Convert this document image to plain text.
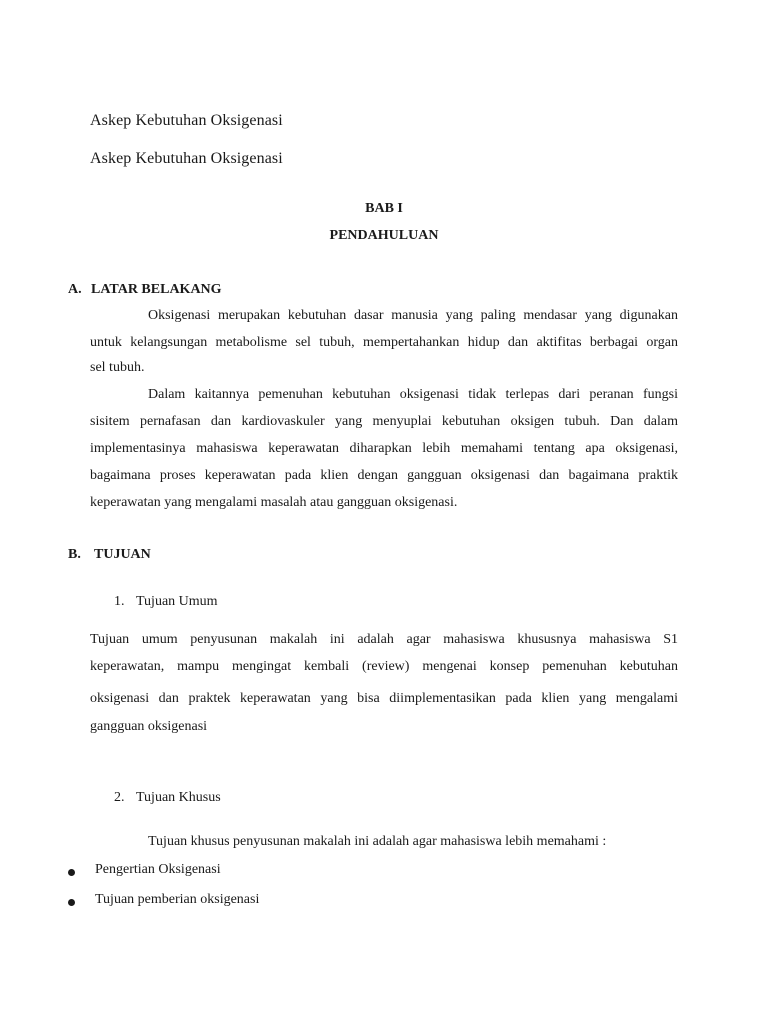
Askep Kebutuhan Oksigenasi
Askep Kebutuhan Oksigenasi
BAB I
PENDAHULUAN
A. LATAR BELAKANG
Oksigenasi merupakan kebutuhan dasar manusia yang paling mendasar yang digunakan
untuk kelangsungan metabolisme sel tubuh, mempertahankan hidup dan aktifitas berbagai organ
sel tubuh.
Dalam kaitannya pemenuhan kebutuhan oksigenasi tidak terlepas dari peranan fungsi
sisitem pernafasan dan kardiovaskuler yang menyuplai kebutuhan oksigen tubuh. Dan dalam
implementasinya mahasiswa keperawatan diharapkan lebih memahami tentang apa oksigenasi,
bagaimana proses keperawatan pada klien dengan gangguan oksigenasi dan bagaimana praktik
keperawatan yang mengalami masalah atau gangguan oksigenasi.
B. TUJUAN
1. Tujuan Umum
Tujuan umum penyusunan makalah ini adalah agar mahasiswa khususnya mahasiswa S1
keperawatan, mampu mengingat kembali (review) mengenai konsep pemenuhan kebutuhan
oksigenasi dan praktek keperawatan yang bisa diimplementasikan pada klien yang mengalami
gangguan oksigenasi
2. Tujuan Khusus
Tujuan khusus penyusunan makalah ini adalah agar mahasiswa lebih memahami :
Pengertian Oksigenasi
Tujuan pemberian oksigenasi
